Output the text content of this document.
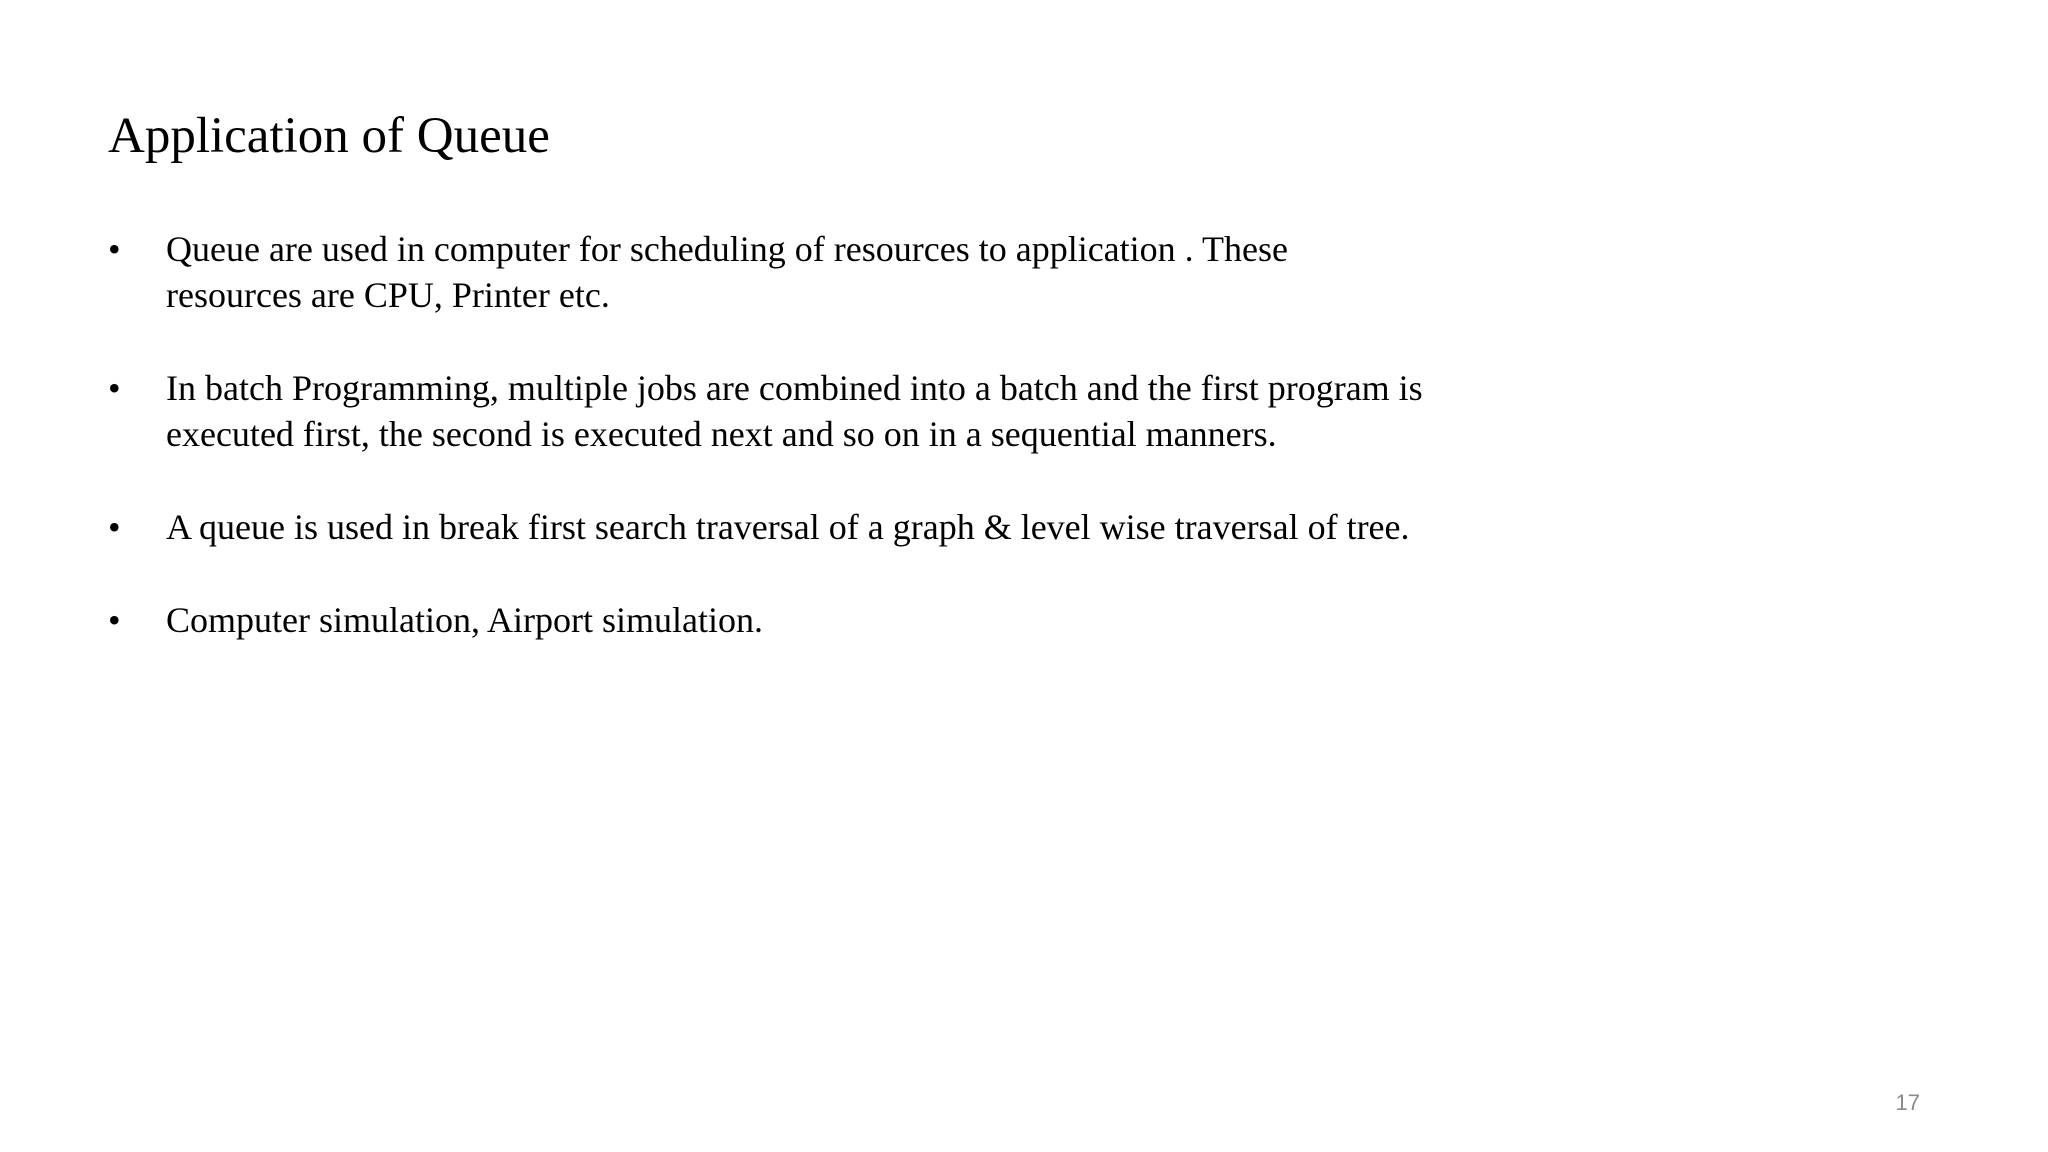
Application of Queue
• Queue are used in computer for scheduling of resources to application . These
resources are CPU, Printer etc.
• In batch Programming, multiple jobs are combined into a batch and the first program is
executed first, the second is executed next and so on in a sequential manners.
• A queue is used in break first search traversal of a graph & level wise traversal of tree.
• Computer simulation, Airport simulation.
17
